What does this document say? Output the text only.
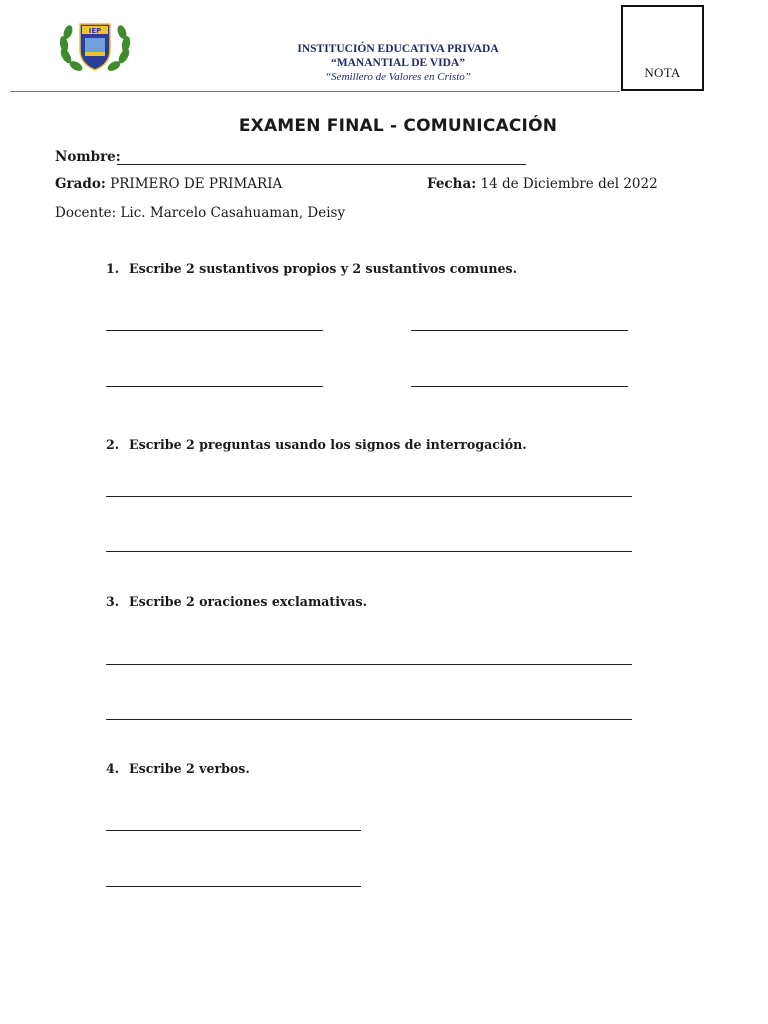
IEP
INSTITUCIÓN EDUCATIVA PRIVADA
“MANANTIAL DE VIDA”
“Semillero de Valores en Cristo”	NOTA
EXAMEN FINAL - COMUNICACIÓN
Nombre:
Grado: PRIMERO DE PRIMARIA	Fecha: 14 de Diciembre del 2022
Docente: Lic. Marcelo Casahuaman, Deisy
1. Escribe 2 sustantivos propios y 2 sustantivos comunes.
2. Escribe 2 preguntas usando los signos de interrogación.
3. Escribe 2 oraciones exclamativas.
4. Escribe 2 verbos.
